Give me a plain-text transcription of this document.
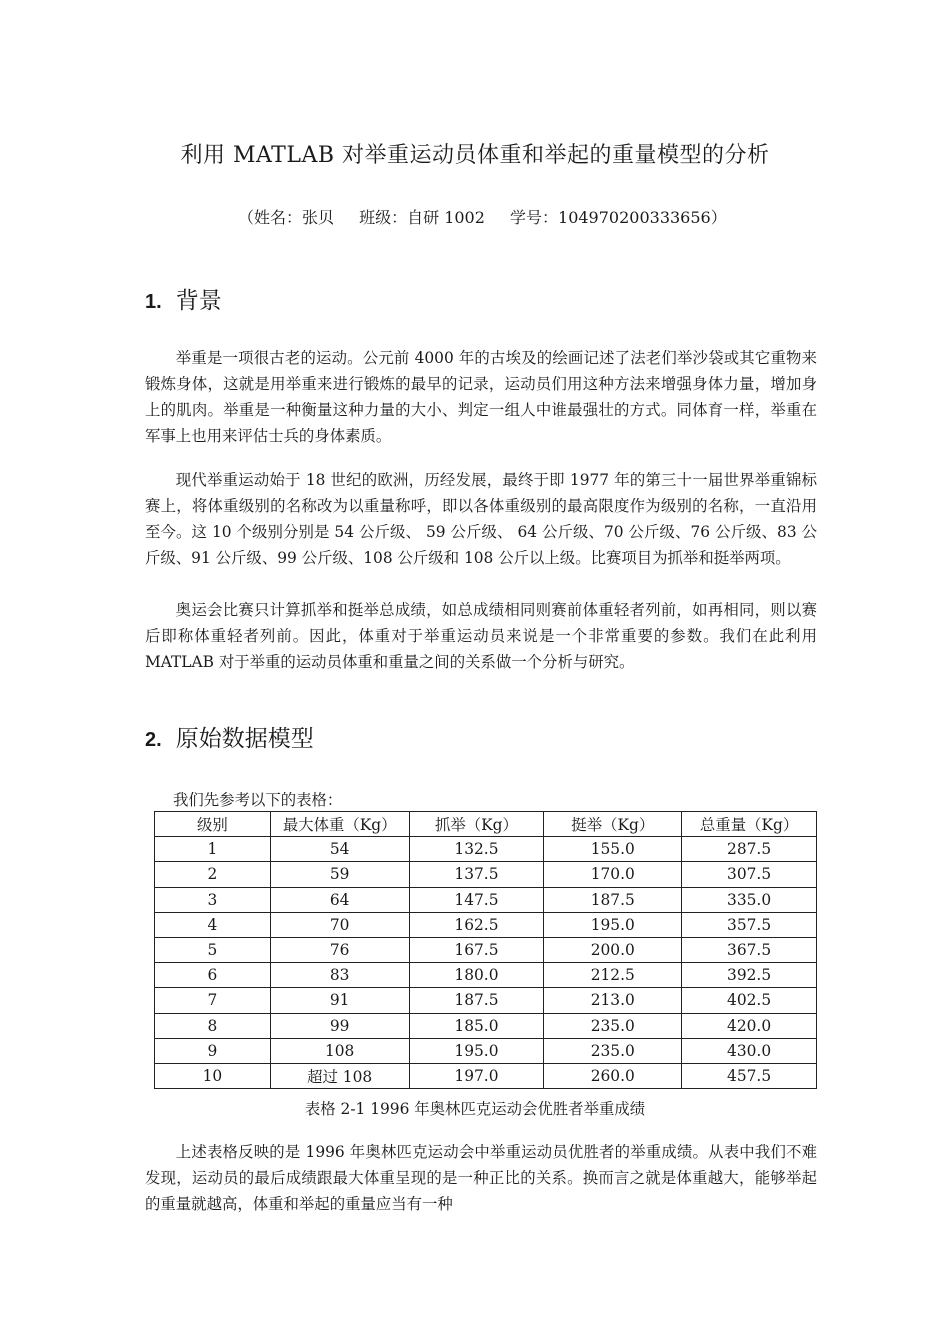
利用 MATLAB 对举重运动员体重和举起的重量模型的分析
（姓名：张贝 班级：自研 1002 学号：104970200333656）
1. 背景

举重是一项很古老的运动。公元前 4000 年的古埃及的绘画记述了法老们举沙袋或其它重物来锻炼身体，这就是用举重来进行锻炼的最早的记录，运动员们用这种方法来增强身体力量，增加身上的肌肉。举重是一种衡量这种力量的大小、判定一组人中谁最强壮的方式。同体育一样，举重在军事上也用来评估士兵的身体素质。

现代举重运动始于 18 世纪的欧洲，历经发展，最终于即 1977 年的第三十一届世界举重锦标赛上，将体重级别的名称改为以重量称呼，即以各体重级别的最高限度作为级别的名称，一直沿用至今。这 10 个级别分别是 54 公斤级、 59 公斤级、 64 公斤级、70 公斤级、76 公斤级、83 公斤级、91 公斤级、99 公斤级、108 公斤级和 108 公斤以上级。比赛项目为抓举和挺举两项。

奥运会比赛只计算抓举和挺举总成绩，如总成绩相同则赛前体重轻者列前，如再相同，则以赛后即称体重轻者列前。因此，体重对于举重运动员来说是一个非常重要的参数。我们在此利用 MATLAB 对于举重的运动员体重和重量之间的关系做一个分析与研究。

2. 原始数据模型
我们先参考以下的表格：
级别	最大体重（Kg）	抓举（Kg）	挺举（Kg）	总重量（Kg）
1	54	132.5	155.0	287.5
2	59	137.5	170.0	307.5
3	64	147.5	187.5	335.0
4	70	162.5	195.0	357.5
5	76	167.5	200.0	367.5
6	83	180.0	212.5	392.5
7	91	187.5	213.0	402.5
8	99	185.0	235.0	420.0
9	108	195.0	235.0	430.0
10	超过 108	197.0	260.0	457.5
表格 2-1 1996 年奥林匹克运动会优胜者举重成绩

上述表格反映的是 1996 年奥林匹克运动会中举重运动员优胜者的举重成绩。从表中我们不难发现，运动员的最后成绩跟最大体重呈现的是一种正比的关系。换而言之就是体重越大，能够举起的重量就越高，体重和举起的重量应当有一种
